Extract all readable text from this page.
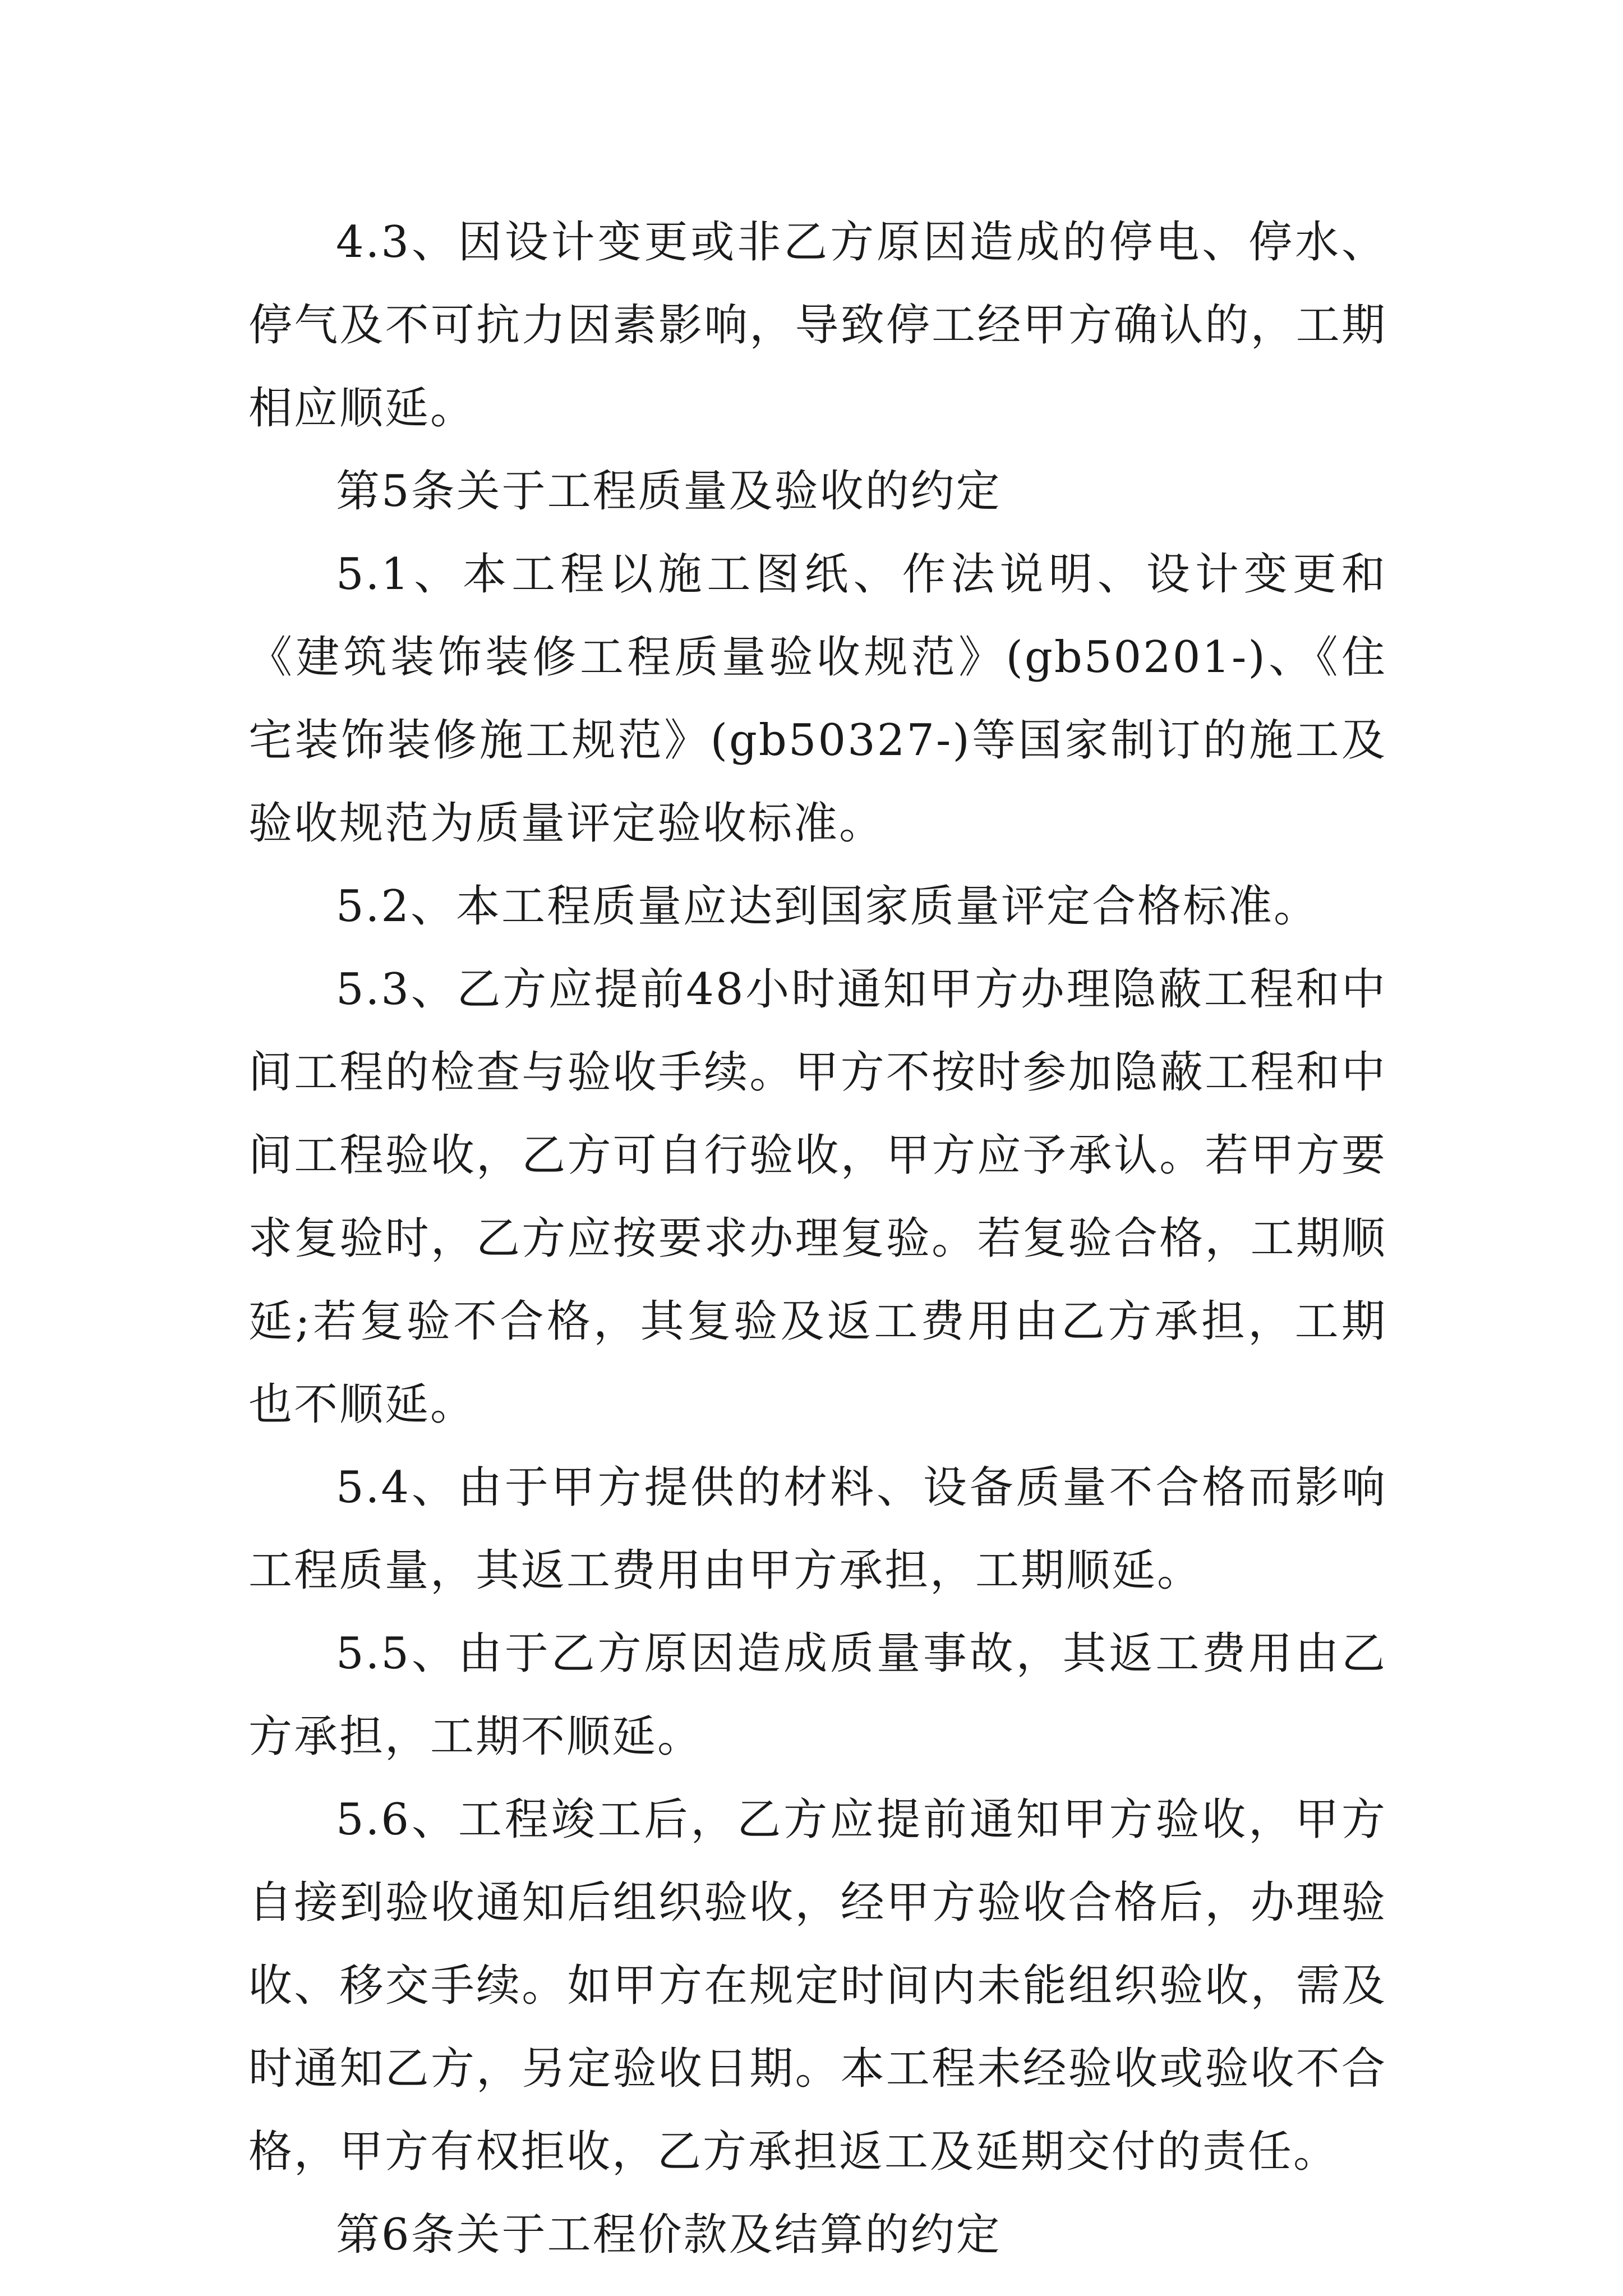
4.3、因设计变更或非乙方原因造成的停电、停水、停气及不可抗力因素影响，导致停工经甲方确认的，工期相应顺延。

第5条关于工程质量及验收的约定

5.1、本工程以施工图纸、作法说明、设计变更和《建筑装饰装修工程质量验收规范》(gb50201-)、《住宅装饰装修施工规范》(gb50327-)等国家制订的施工及验收规范为质量评定验收标准。

5.2、本工程质量应达到国家质量评定合格标准。

5.3、乙方应提前48小时通知甲方办理隐蔽工程和中间工程的检查与验收手续。甲方不按时参加隐蔽工程和中间工程验收，乙方可自行验收，甲方应予承认。若甲方要求复验时，乙方应按要求办理复验。若复验合格，工期顺延;若复验不合格，其复验及返工费用由乙方承担，工期也不顺延。

5.4、由于甲方提供的材料、设备质量不合格而影响工程质量，其返工费用由甲方承担，工期顺延。

5.5、由于乙方原因造成质量事故，其返工费用由乙方承担，工期不顺延。

5.6、工程竣工后，乙方应提前通知甲方验收，甲方自接到验收通知后组织验收，经甲方验收合格后，办理验收、移交手续。如甲方在规定时间内未能组织验收，需及时通知乙方，另定验收日期。本工程未经验收或验收不合格，甲方有权拒收，乙方承担返工及延期交付的责任。

第6条关于工程价款及结算的约定
